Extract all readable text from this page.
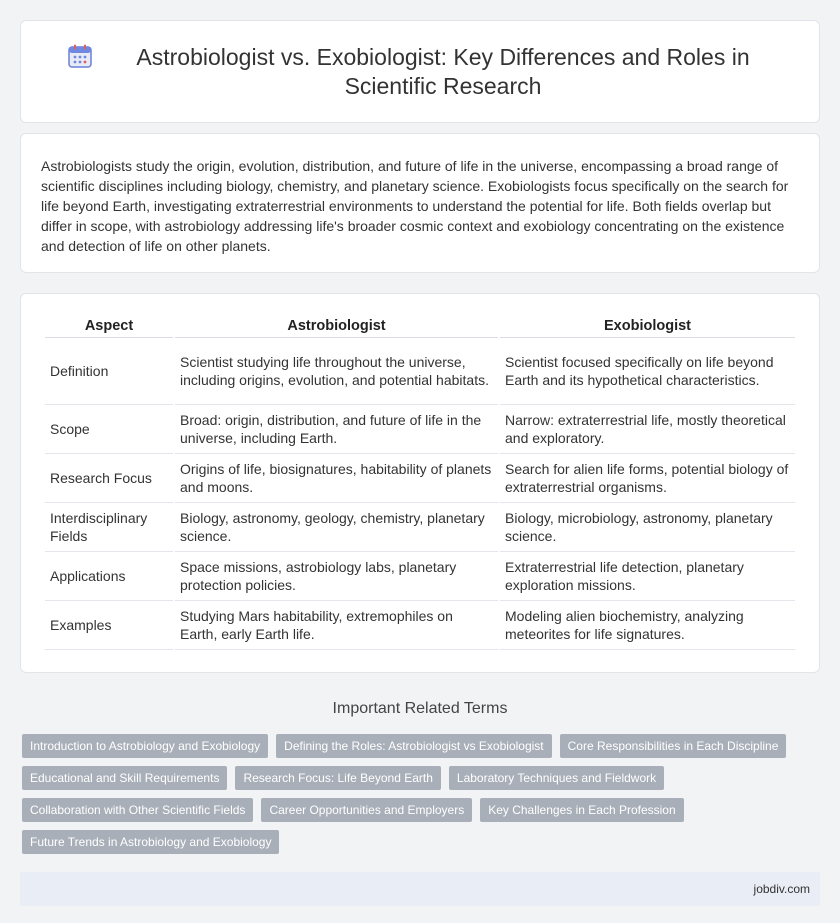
Astrobiologist vs. Exobiologist: Key Differences and Roles in Scientific Research

Astrobiologists study the origin, evolution, distribution, and future of life in the universe, encompassing a broad range of scientific disciplines including biology, chemistry, and planetary science. Exobiologists focus specifically on the search for life beyond Earth, investigating extraterrestrial environments to understand the potential for life. Both fields overlap but differ in scope, with astrobiology addressing life's broader cosmic context and exobiology concentrating on the existence and detection of life on other planets.

Aspect	Astrobiologist	Exobiologist
Definition	Scientist studying life throughout the universe, including origins, evolution, and potential habitats.	Scientist focused specifically on life beyond Earth and its hypothetical characteristics.
Scope	Broad: origin, distribution, and future of life in the universe, including Earth.	Narrow: extraterrestrial life, mostly theoretical and exploratory.
Research Focus	Origins of life, biosignatures, habitability of planets and moons.	Search for alien life forms, potential biology of extraterrestrial organisms.
Interdisciplinary Fields	Biology, astronomy, geology, chemistry, planetary science.	Biology, microbiology, astronomy, planetary science.
Applications	Space missions, astrobiology labs, planetary protection policies.	Extraterrestrial life detection, planetary exploration missions.
Examples	Studying Mars habitability, extremophiles on Earth, early Earth life.	Modeling alien biochemistry, analyzing meteorites for life signatures.
Important Related Terms
Introduction to Astrobiology and Exobiology	Defining the Roles: Astrobiologist vs Exobiologist	Core Responsibilities in Each Discipline
Educational and Skill Requirements	Research Focus: Life Beyond Earth	Laboratory Techniques and Fieldwork
Collaboration with Other Scientific Fields	Career Opportunities and Employers	Key Challenges in Each Profession
Future Trends in Astrobiology and Exobiology
jobdiv.com
